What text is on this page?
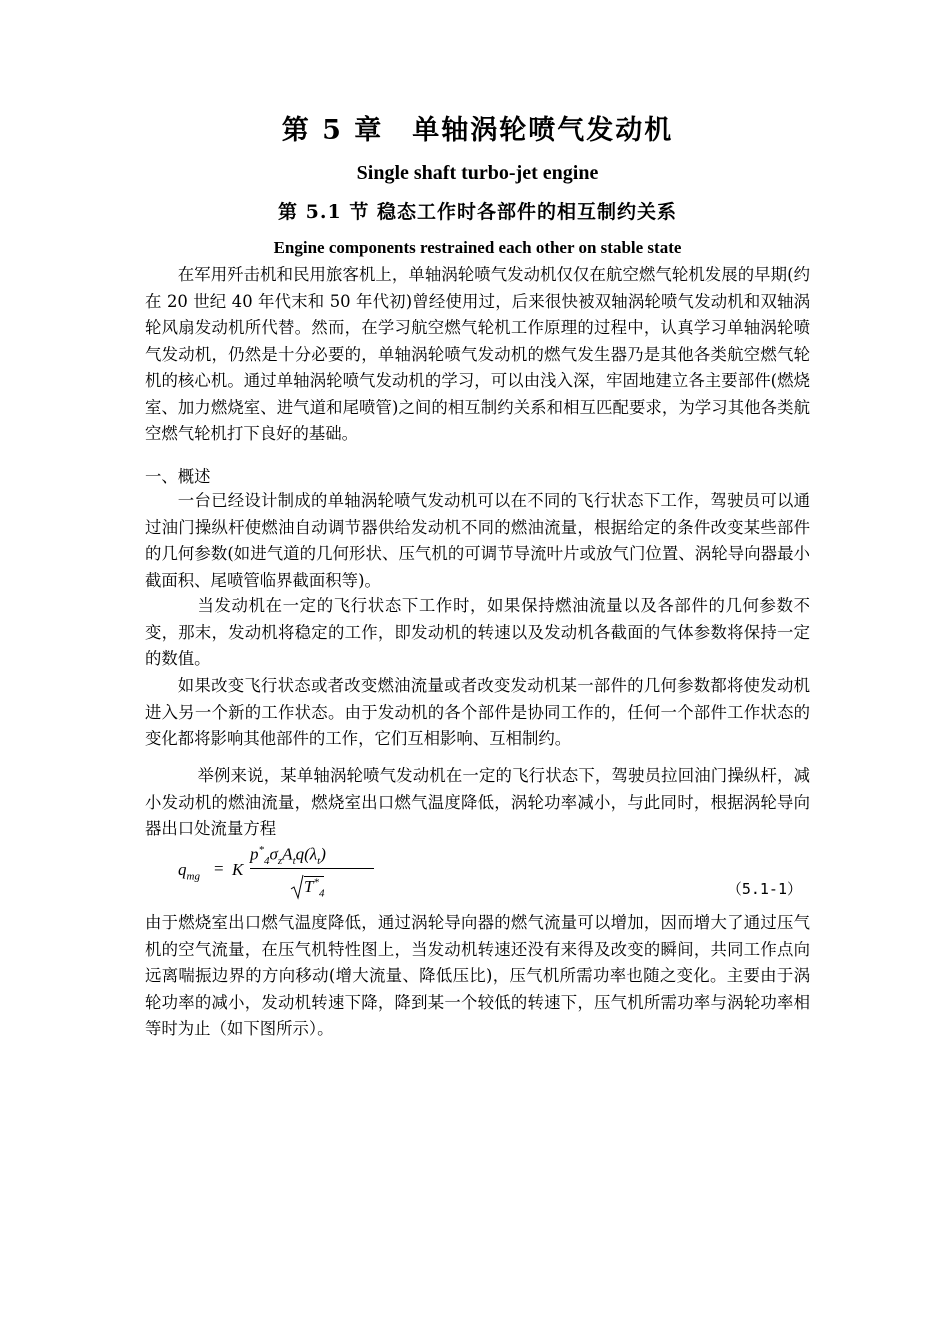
第 5 章　单轴涡轮喷气发动机
Single shaft turbo-jet engine
第 5.1 节 稳态工作时各部件的相互制约关系
Engine components restrained each other on stable state

在军用歼击机和民用旅客机上，单轴涡轮喷气发动机仅仅在航空燃气轮机发展的早期(约在 20 世纪 40 年代末和 50 年代初)曾经使用过，后来很快被双轴涡轮喷气发动机和双轴涡轮风扇发动机所代替。然而，在学习航空燃气轮机工作原理的过程中，认真学习单轴涡轮喷气发动机，仍然是十分必要的，单轴涡轮喷气发动机的燃气发生器乃是其他各类航空燃气轮机的核心机。通过单轴涡轮喷气发动机的学习，可以由浅入深，牢固地建立各主要部件(燃烧室、加力燃烧室、进气道和尾喷管)之间的相互制约关系和相互匹配要求，为学习其他各类航空燃气轮机打下良好的基础。

一、概述

一台已经设计制成的单轴涡轮喷气发动机可以在不同的飞行状态下工作，驾驶员可以通过油门操纵杆使燃油自动调节器供给发动机不同的燃油流量，根据给定的条件改变某些部件的几何参数(如进气道的几何形状、压气机的可调节导流叶片或放气门位置、涡轮导向器最小截面积、尾喷管临界截面积等)。

当发动机在一定的飞行状态下工作时，如果保持燃油流量以及各部件的几何参数不变，那末，发动机将稳定的工作，即发动机的转速以及发动机各截面的气体参数将保持一定的数值。

如果改变飞行状态或者改变燃油流量或者改变发动机某一部件的几何参数都将使发动机进入另一个新的工作状态。由于发动机的各个部件是协同工作的，任何一个部件工作状态的变化都将影响其他部件的工作，它们互相影响、互相制约。

举例来说，某单轴涡轮喷气发动机在一定的飞行状态下，驾驶员拉回油门操纵杆，减小发动机的燃油流量，燃烧室出口燃气温度降低，涡轮功率减小，与此同时，根据涡轮导向器出口处流量方程

$q_{mg} = K$
$p^*_4\sigma_zA_tq(\lambda_t)$
$T^*_4$	（5.1-1）

由于燃烧室出口燃气温度降低，通过涡轮导向器的燃气流量可以增加，因而增大了通过压气机的空气流量，在压气机特性图上，当发动机转速还没有来得及改变的瞬间，共同工作点向远离喘振边界的方向移动(增大流量、降低压比)，压气机所需功率也随之变化。主要由于涡轮功率的减小，发动机转速下降，降到某一个较低的转速下，压气机所需功率与涡轮功率相等时为止（如下图所示）。
